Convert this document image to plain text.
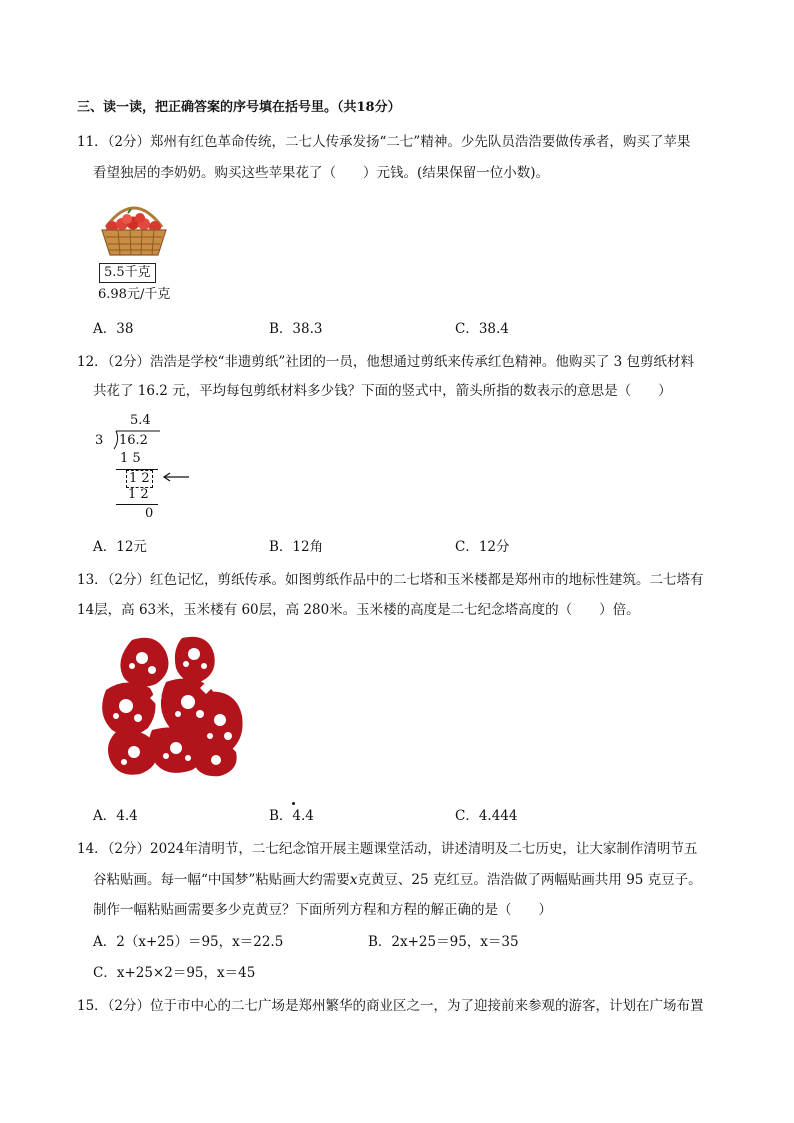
三、读一读，把正确答案的序号填在括号里。（共18分）
11．（2分）郑州有红色革命传统，二七人传承发扬“二七”精神。少先队员浩浩要做传承者，购买了苹果
看望独居的李奶奶。购买这些苹果花了（　　）元钱。(结果保留一位小数)。
5.5千克
6.98元/千克
A．38	B．38.3	C．38.4
12．（2分）浩浩是学校“非遗剪纸”社团的一员，他想通过剪纸来传承红色精神。他购买了 3 包剪纸材料
共花了 16.2 元，平均每包剪纸材料多少钱？下面的竖式中，箭头所指的数表示的意思是（　　）
5.4
3 16.2
1 5
1 2
1 2
0
A．12元	B．12角	C．12分
13．（2分）红色记忆，剪纸传承。如图剪纸作品中的二七塔和玉米楼都是郑州市的地标性建筑。二七塔有
14层，高 63米，玉米楼有 60层，高 280米。玉米楼的高度是二七纪念塔高度的（　　）倍。
A．4.4	B．4.4	C．4.444
14．（2分）2024年清明节，二七纪念馆开展主题课堂活动，讲述清明及二七历史，让大家制作清明节五
谷粘贴画。每一幅“中国梦”粘贴画大约需要x克黄豆、25 克红豆。浩浩做了两幅贴画共用 95 克豆子。
制作一幅粘贴画需要多少克黄豆？下面所列方程和方程的解正确的是（　　）
A．2（x+25）＝95，x＝22.5	B．2x+25＝95，x＝35
C．x+25×2＝95，x＝45
15．（2分）位于市中心的二七广场是郑州繁华的商业区之一，为了迎接前来参观的游客，计划在广场布置
